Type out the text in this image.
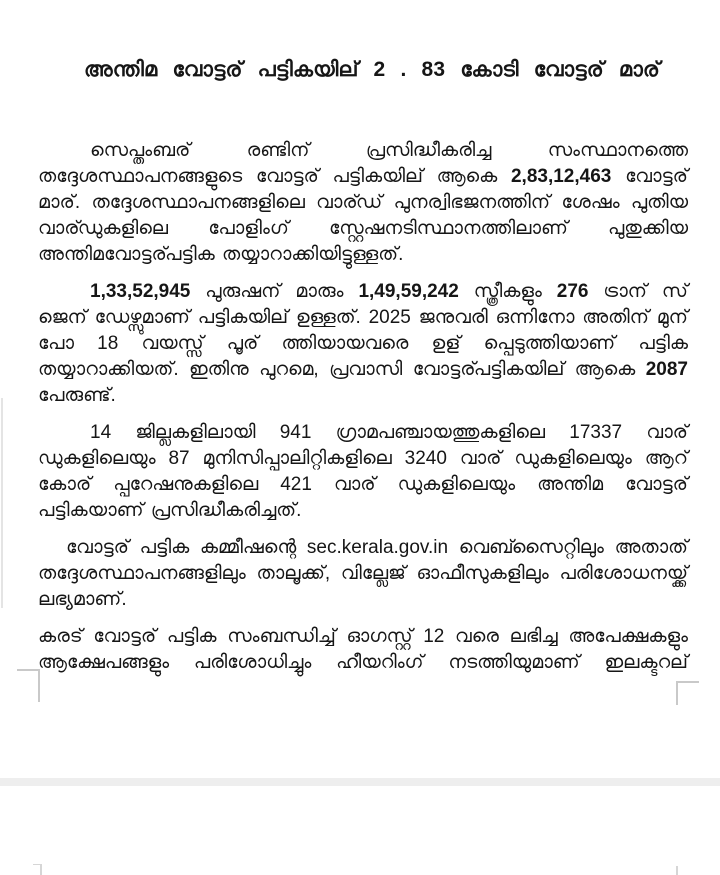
അന്തിമ വോട്ടര് പട്ടികയില് 2 . 83 കോടി വോട്ടര് മാര്

സെപ്തംബര് രണ്ടിന് പ്രസിദ്ധീകരിച്ച സംസ്ഥാനത്തെ തദ്ദേശസ്ഥാപനങ്ങളുടെ വോട്ടര് പട്ടികയില് ആകെ 2,83,12,463 വോട്ടര് മാര്. തദ്ദേശസ്ഥാപനങ്ങളിലെ വാര്ഡ് പുനര്വിഭജനത്തിന് ശേഷം പുതിയ വാര്ഡുകളിലെ പോളിംഗ് സ്റ്റേഷനടിസ്ഥാനത്തിലാണ് പുതുക്കിയ അന്തിമവോട്ടര്പട്ടിക തയ്യാറാക്കിയിട്ടുള്ളത്.

1,33,52,945 പുരുഷന് മാരും 1,49,59,242 സ്ത്രീകളും 276 ട്രാന് സ് ജെന് ഡേഴ്സുമാണ് പട്ടികയില് ഉള്ളത്. 2025 ജനുവരി ഒന്നിനോ അതിന് മുന് പോ 18 വയസ്സ് പൂര് ത്തിയായവരെ ഉള് പ്പെടുത്തിയാണ് പട്ടിക തയ്യാറാക്കിയത്. ഇതിനു പുറമെ, പ്രവാസി വോട്ടര്പട്ടികയില് ആകെ 2087 പേരുണ്ട്.

14 ജില്ലകളിലായി 941 ഗ്രാമപഞ്ചായത്തുകളിലെ 17337 വാര് ഡുകളിലെയും 87 മുനിസിപ്പാലിറ്റികളിലെ 3240 വാര് ഡുകളിലെയും ആറ് കോര് പ്പറേഷനുകളിലെ 421 വാര് ഡുകളിലെയും അന്തിമ വോട്ടര് പട്ടികയാണ് പ്രസിദ്ധീകരിച്ചത്.

വോട്ടര് പട്ടിക കമ്മീഷന്റെ sec.kerala.gov.in വെബ്സൈറ്റിലും അതാത് തദ്ദേശസ്ഥാപനങ്ങളിലും താലൂക്ക്, വില്ലേജ് ഓഫീസുകളിലും പരിശോധനയ്ക്ക് ലഭ്യമാണ്.

കരട് വോട്ടര് പട്ടിക സംബന്ധിച്ച് ഓഗസ്റ്റ് 12 വരെ ലഭിച്ച അപേക്ഷകളും ആക്ഷേപങ്ങളും പരിശോധിച്ചും ഹീയറിംഗ് നടത്തിയുമാണ് ഇലക്ടറല്
